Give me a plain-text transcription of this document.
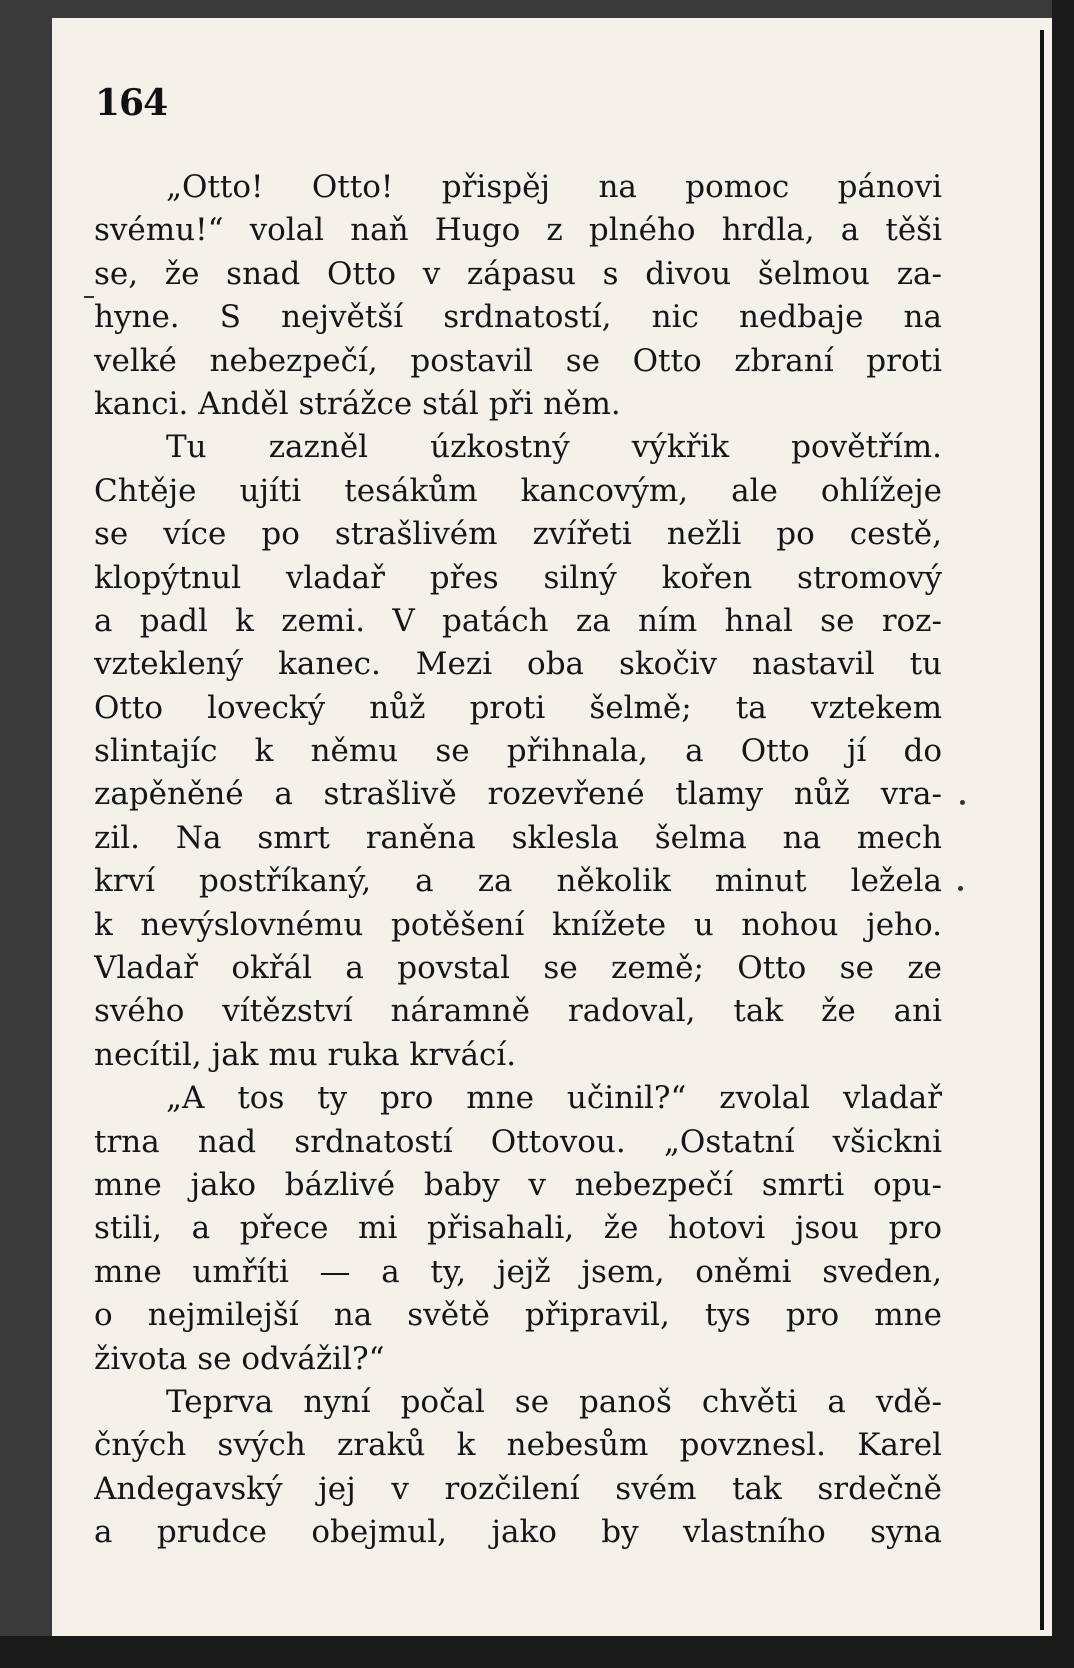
164
„Otto! Otto! přispěj na pomoc pánovi
svému!“ volal naň Hugo z plného hrdla, a těši
se, že snad Otto v zápasu s divou šelmou za-
hyne. S největší srdnatostí, nic nedbaje na
velké nebezpečí, postavil se Otto zbraní proti
kanci. Anděl strážce stál při něm.
Tu zazněl úzkostný výkřik povětřím.
Chtěje ujíti tesákům kancovým, ale ohlížeje
se více po strašlivém zvířeti nežli po cestě,
klopýtnul vladař přes silný kořen stromový
a padl k zemi. V patách za ním hnal se roz-
vzteklený kanec. Mezi oba skočiv nastavil tu
Otto lovecký nůž proti šelmě; ta vztekem
slintajíc k němu se přihnala, a Otto jí do
zapěněné a strašlivě rozevřené tlamy nůž vra-
zil. Na smrt raněna sklesla šelma na mech
krví postříkaný, a za několik minut ležela
k nevýslovnému potěšení knížete u nohou jeho.
Vladař okřál a povstal se země; Otto se ze
svého vítězství náramně radoval, tak že ani
necítil, jak mu ruka krvácí.
„A tos ty pro mne učinil?“ zvolal vladař
trna nad srdnatostí Ottovou. „Ostatní všickni
mne jako bázlivé baby v nebezpečí smrti opu-
stili, a přece mi přisahali, že hotovi jsou pro
mne umříti — a ty, jejž jsem, oněmi sveden,
o nejmilejší na světě připravil, tys pro mne
života se odvážil?“
Teprva nyní počal se panoš chvěti a vdě-
čných svých zraků k nebesům povznesl. Karel
Andegavský jej v rozčilení svém tak srdečně
a prudce obejmul, jako by vlastního syna
